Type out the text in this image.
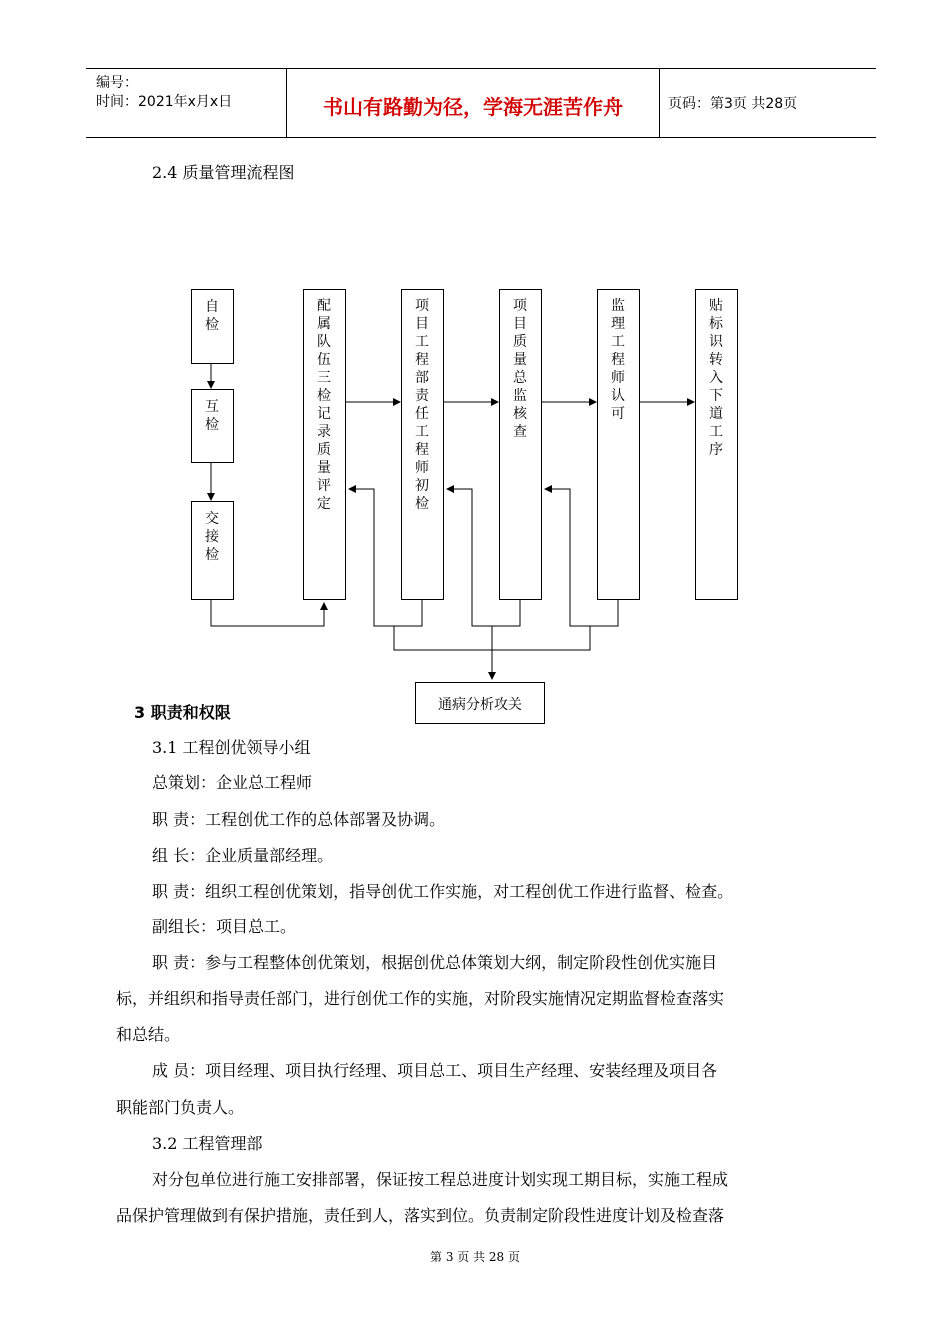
编号：
时间：2021年x月x日	书山有路勤为径，学海无涯苦作舟	页码：第3页 共28页
2.4 质量管理流程图
自
检
互
检
交
接
检
配
属
队
伍
三
检
记
录
质
量
评
定
项
目
工
程
部
责
任
工
程
师
初
检
项
目
质
量
总
监
核
查
监
理
工
程
师
认
可
贴
标
识
转
入
下
道
工
序
通病分析攻关
3 职责和权限
3.1 工程创优领导小组
总策划：企业总工程师
职 责：工程创优工作的总体部署及协调。
组 长：企业质量部经理。
职 责：组织工程创优策划，指导创优工作实施，对工程创优工作进行监督、检查。
副组长：项目总工。
职 责：参与工程整体创优策划，根据创优总体策划大纲，制定阶段性创优实施目
标，并组织和指导责任部门，进行创优工作的实施，对阶段实施情况定期监督检查落实
和总结。
成 员：项目经理、项目执行经理、项目总工、项目生产经理、安装经理及项目各
职能部门负责人。
3.2 工程管理部
对分包单位进行施工安排部署，保证按工程总进度计划实现工期目标，实施工程成
品保护管理做到有保护措施，责任到人，落实到位。负责制定阶段性进度计划及检查落
第 3 页 共 28 页
